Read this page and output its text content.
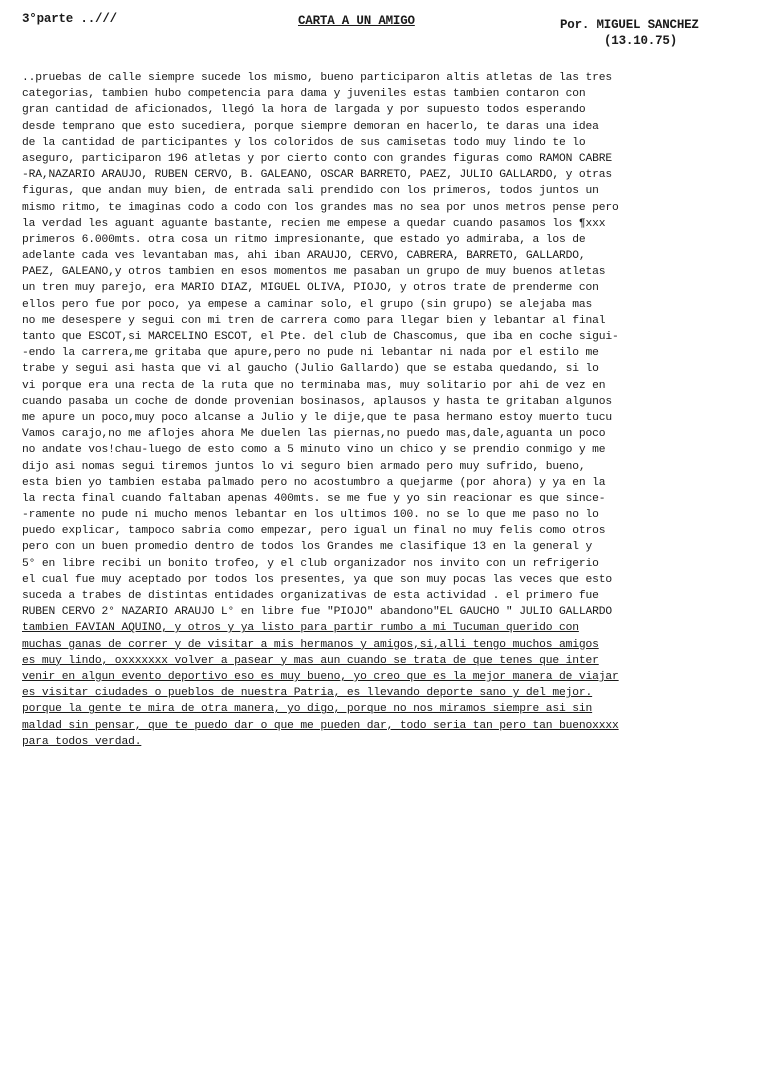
3°parte ..///	CARTA A UN AMIGO	Por. MIGUEL SANCHEZ
(13.10.75)
..pruebas de calle siempre sucede los mismo, bueno participaron altis atletas de las tres
categorias, tambien hubo competencia para dama y juveniles estas tambien contaron con
gran cantidad de aficionados, llegó la hora de largada y por supuesto todos esperando
desde temprano que esto sucediera, porque siempre demoran en hacerlo, te daras una idea
de la cantidad de participantes y los coloridos de sus camisetas todo muy lindo te lo
aseguro, participaron 196 atletas y por cierto conto con grandes figuras como RAMON CABRE
-RA,NAZARIO ARAUJO, RUBEN CERVO, B. GALEANO, OSCAR BARRETO, PAEZ, JULIO GALLARDO, y otras
figuras, que andan muy bien, de entrada sali prendido con los primeros, todos juntos un
mismo ritmo, te imaginas codo a codo con los grandes mas no sea por unos metros pense pero
la verdad les aguant aguante bastante, recien me empese a quedar cuando pasamos los ¶xxx
primeros 6.000mts. otra cosa un ritmo impresionante, que estado yo admiraba, a los de
adelante cada ves levantaban mas, ahi iban ARAUJO, CERVO, CABRERA, BARRETO, GALLARDO,
PAEZ, GALEANO,y otros tambien en esos momentos me pasaban un grupo de muy buenos atletas
un tren muy parejo, era MARIO DIAZ, MIGUEL OLIVA, PIOJO, y otros trate de prenderme con
ellos pero fue por poco, ya empese a caminar solo, el grupo (sin grupo) se alejaba mas
no me desespere y segui con mi tren de carrera como para llegar bien y lebantar al final
tanto que ESCOT,si MARCELINO ESCOT, el Pte. del club de Chascomus, que iba en coche sigui-
-endo la carrera,me gritaba que apure,pero no pude ni lebantar ni nada por el estilo me
trabe y segui asi hasta que vi al gaucho (Julio Gallardo) que se estaba quedando, si lo
vi porque era una recta de la ruta que no terminaba mas, muy solitario por ahi de vez en
cuando pasaba un coche de donde provenian bosinasos, aplausos y hasta te gritaban algunos
me apure un poco,muy poco alcanse a Julio y le dije,que te pasa hermano estoy muerto tucu
Vamos carajo,no me aflojes ahora Me duelen las piernas,no puedo mas,dale,aguanta un poco
no andate vos!chau-luego de esto como a 5 minuto vino un chico y se prendio conmigo y me
dijo asi nomas segui tiremos juntos lo vi seguro bien armado pero muy sufrido, bueno,
esta bien yo tambien estaba palmado pero no acostumbro a quejarme (por ahora) y ya en la
la recta final cuando faltaban apenas 400mts. se me fue y yo sin reacionar es que since-
-ramente no pude ni mucho menos lebantar en los ultimos 100. no se lo que me paso no lo
puedo explicar, tampoco sabria como empezar, pero igual un final no muy felis como otros
pero con un buen promedio dentro de todos los Grandes me clasifique 13 en la general y
5° en libre recibi un bonito trofeo, y el club organizador nos invito con un refrigerio
el cual fue muy aceptado por todos los presentes, ya que son muy pocas las veces que esto
suceda a trabes de distintas entidades organizativas de esta actividad . el primero fue
RUBEN CERVO 2° NAZARIO ARAUJO L° en libre fue "PIOJO" abandono"EL GAUCHO " JULIO GALLARDO
tambien FAVIAN AQUINO, y otros y ya listo para partir rumbo a mi Tucuman querido con
muchas ganas de correr y de visitar a mis hermanos y amigos,si,alli tengo muchos amigos
es muy lindo, oxxxxxxx volver a pasear y mas aun cuando se trata de que tenes que inter
venir en algun evento deportivo eso es muy bueno, yo creo que es la mejor manera de viajar
es visitar ciudades o pueblos de nuestra Patria, es llevando deporte sano y del mejor.
porque la gente te mira de otra manera, yo digo, porque no nos miramos siempre asi sin
maldad sin pensar, que te puedo dar o que me pueden dar, todo seria tan pero tan buenoxxxx
para todos verdad.
